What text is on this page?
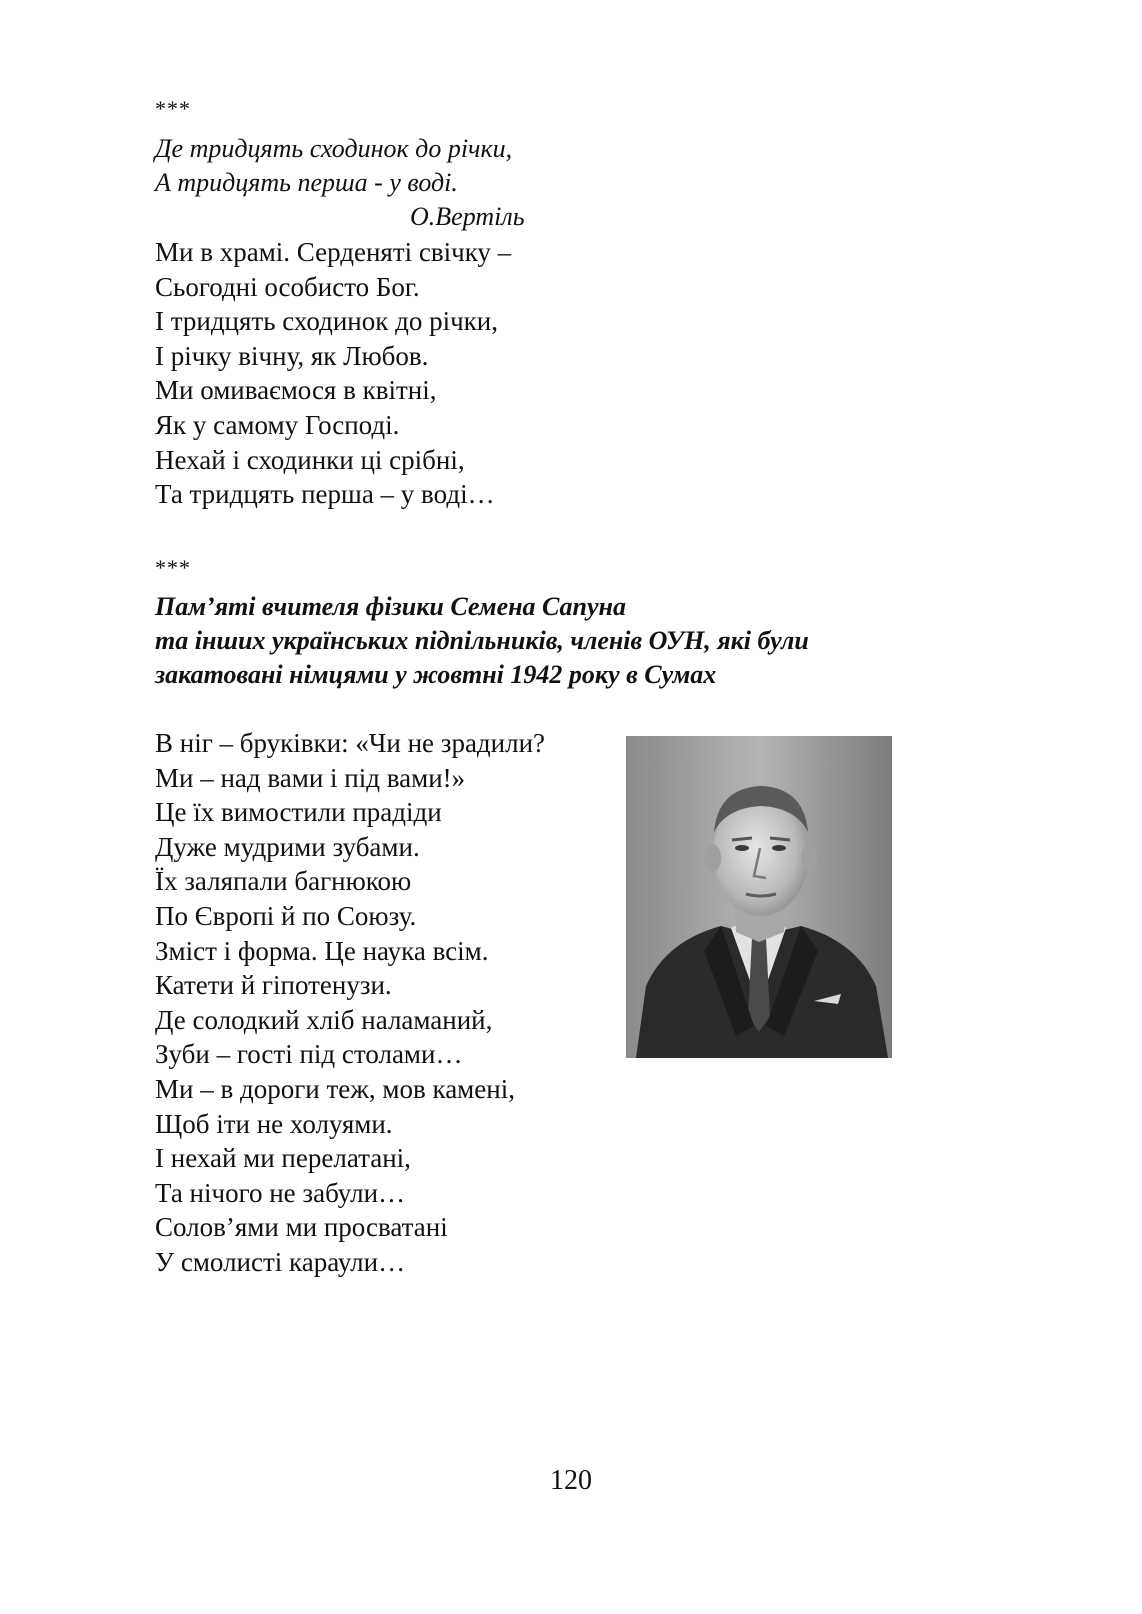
***
Де тридцять сходинок до річки,
А тридцять перша - у воді.
О.Вертіль
Ми в храмі. Серденяті свічку –
Сьогодні особисто Бог.
І тридцять сходинок до річки,
І річку вічну, як Любов.
Ми омиваємося в квітні,
Як у самому Господі.
Нехай і сходинки ці срібні,
Та тридцять перша – у воді…
***
Пам’яті вчителя фізики Семена Сапуна
та інших українських підпільників, членів ОУН, які були
закатовані німцями у жовтні 1942 року в Сумах
В ніг – бруківки: «Чи не зрадили?
Ми – над вами і під вами!»
Це їх вимостили прадіди
Дуже мудрими зубами.
Їх заляпали багнюкою
По Європі й по Союзу.
Зміст і форма. Це наука всім.
Катети й гіпотенузи.
Де солодкий хліб наламаний,
Зуби – гості під столами…
Ми – в дороги теж, мов камені,
Щоб іти не холуями.
І нехай ми перелатані,
Та нічого не забули…
Солов’ями ми просватані
У смолисті караули…
120
